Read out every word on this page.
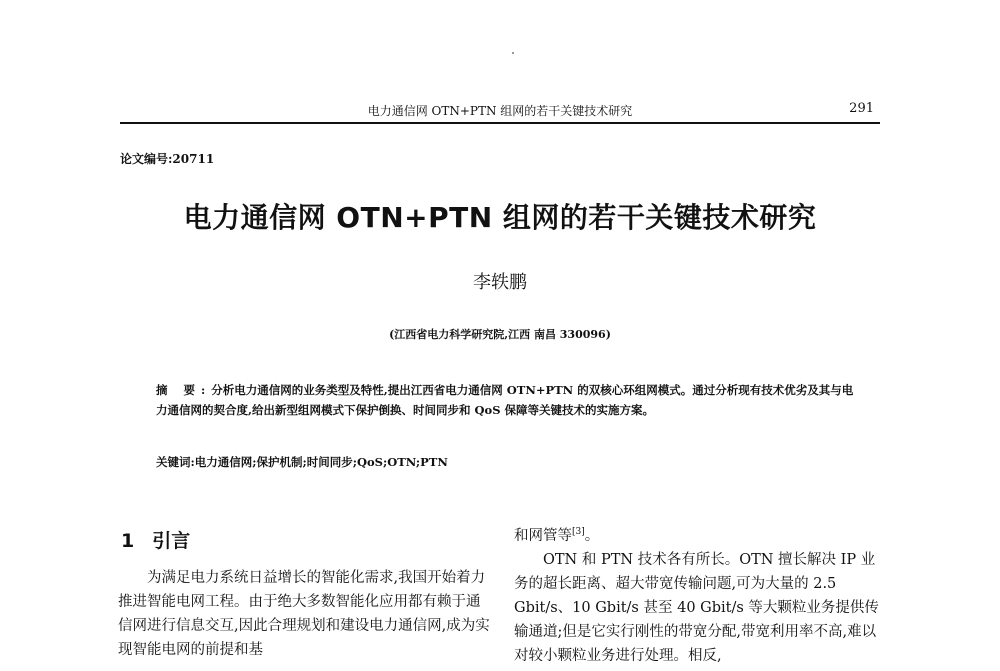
电力通信网 OTN+PTN 组网的若干关键技术研究	291
论文编号:20711
电力通信网 OTN+PTN 组网的若干关键技术研究
李轶鹏
(江西省电力科学研究院,江西 南昌 330096)
摘 要:分析电力通信网的业务类型及特性,提出江西省电力通信网 OTN+PTN 的双核心环组网模式。通过分析现有技术优劣及其与电力通信网的契合度,给出新型组网模式下保护倒换、时间同步和 QoS 保障等关键技术的实施方案。
关键词:电力通信网;保护机制;时间同步;QoS;OTN;PTN
1 引言

为满足电力系统日益增长的智能化需求,我国开始着力推进智能电网工程。由于绝大多数智能化应用都有赖于通信网进行信息交互,因此合理规划和建设电力通信网,成为实现智能电网的前提和基

和网管等[3]。

OTN 和 PTN 技术各有所长。OTN 擅长解决 IP 业务的超长距离、超大带宽传输问题,可为大量的 2.5 Gbit/s、10 Gbit/s 甚至 40 Gbit/s 等大颗粒业务提供传输通道;但是它实行刚性的带宽分配,带宽利用率不高,难以对较小颗粒业务进行处理。相反,
